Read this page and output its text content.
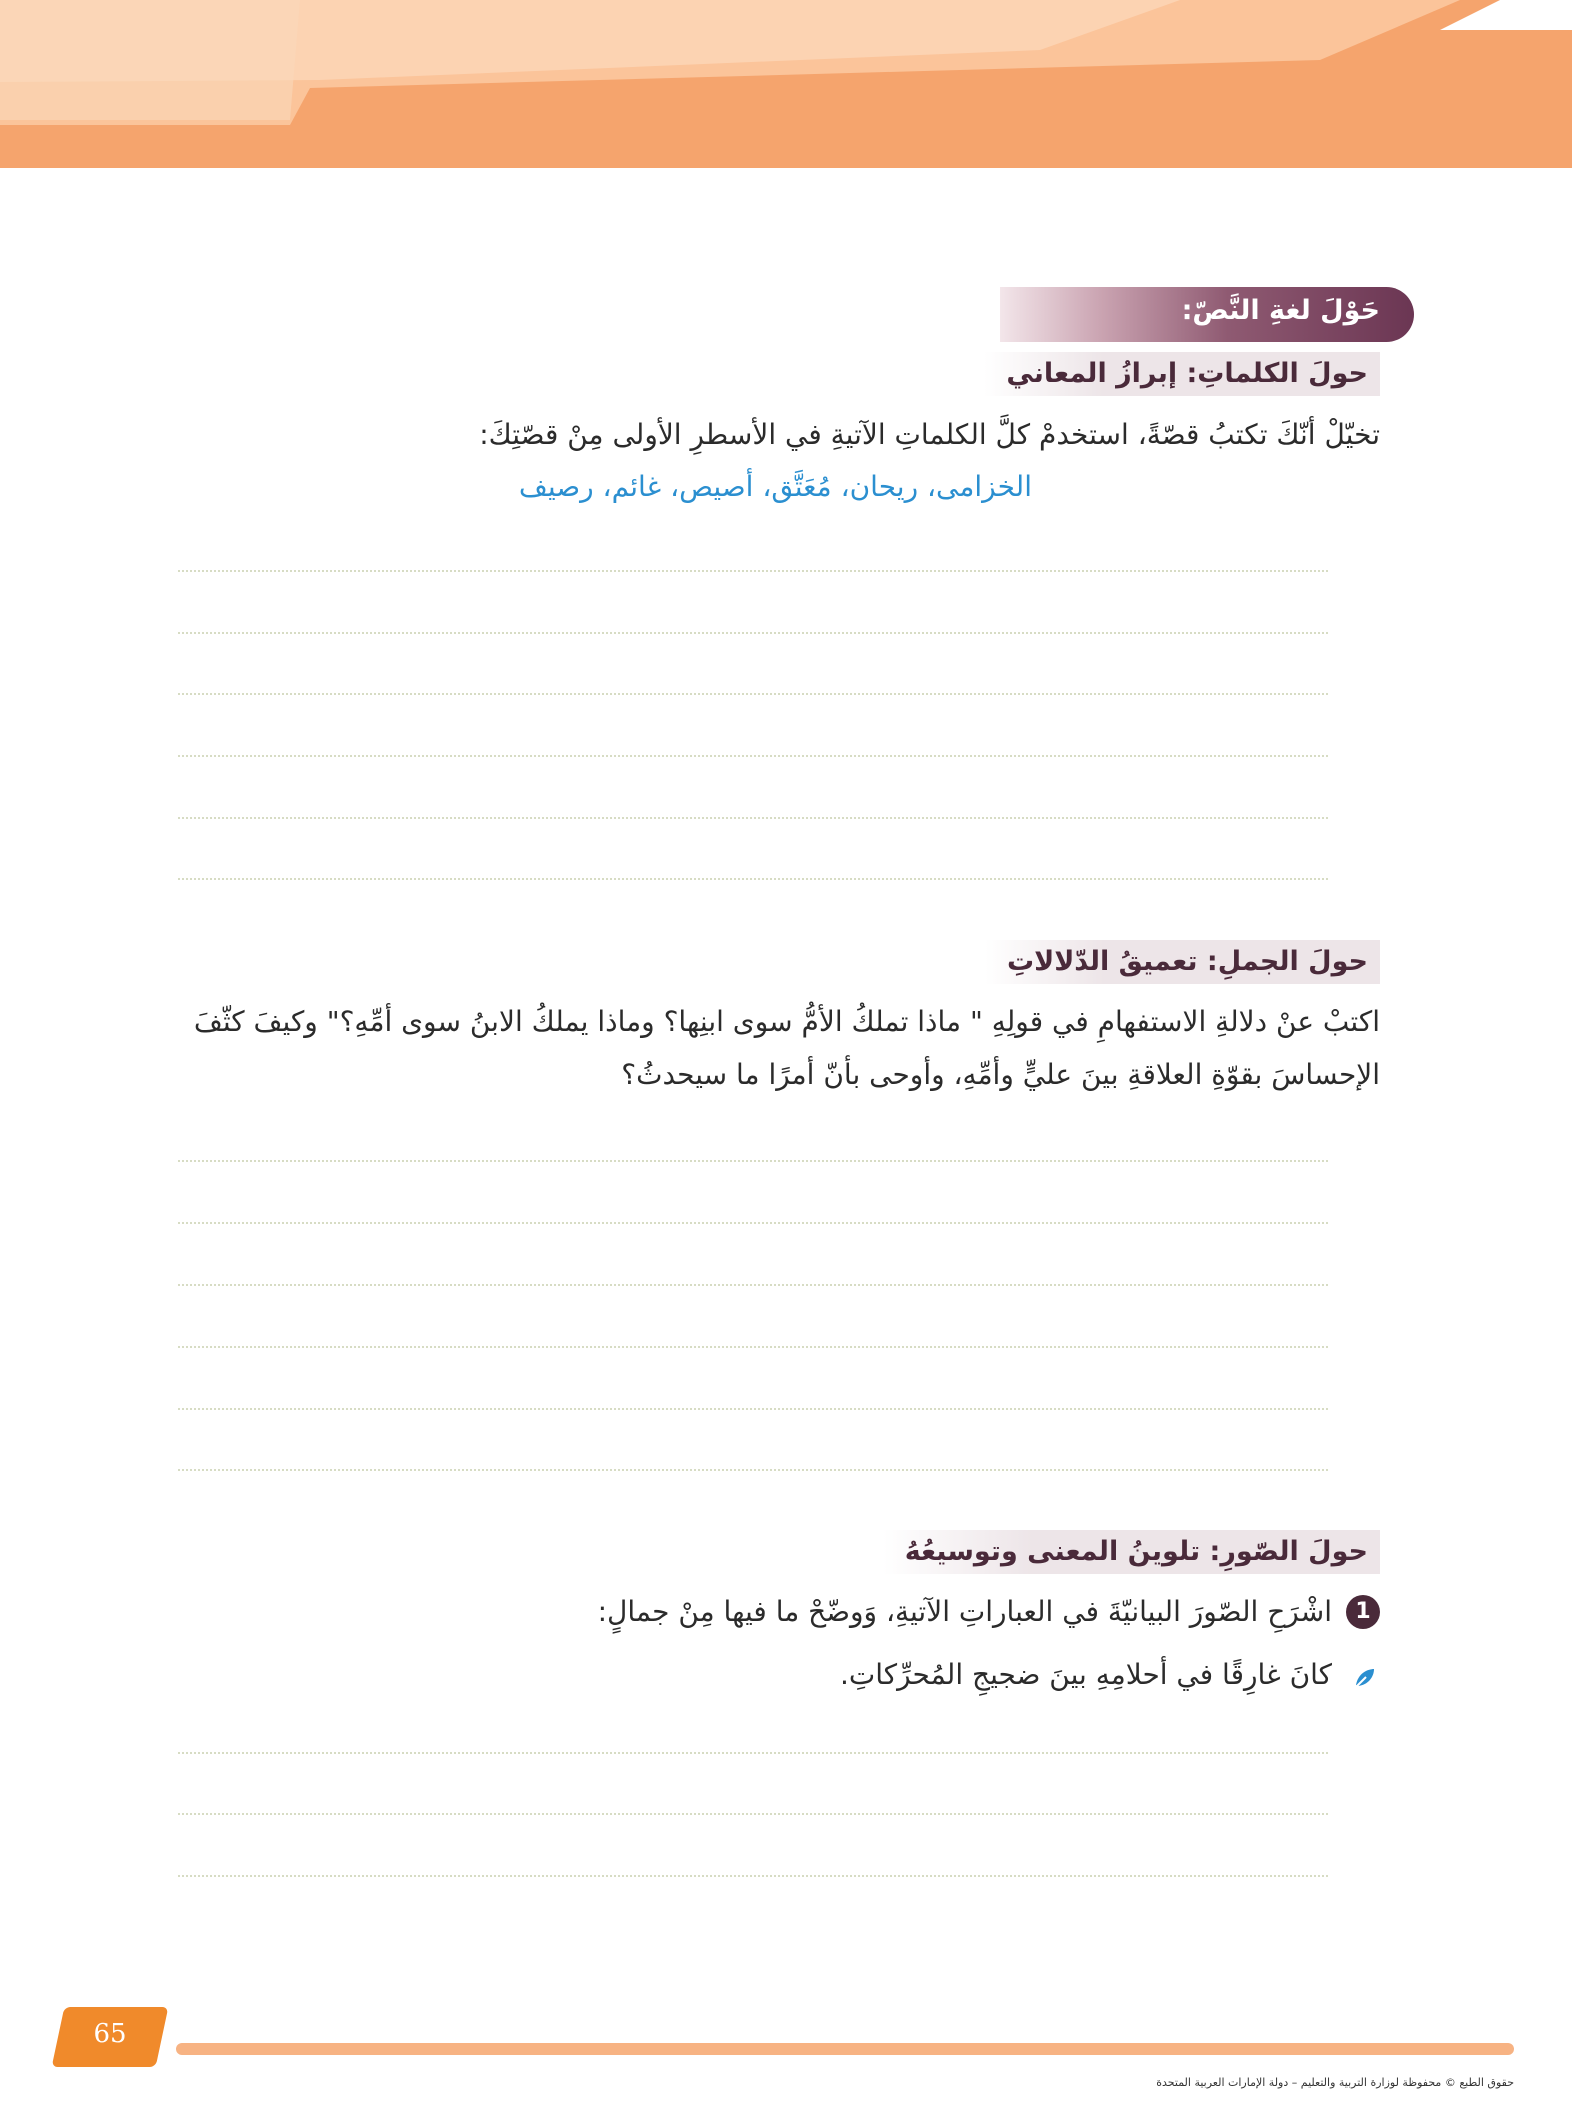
حَوْلَ لغةِ النَّصّ:
حولَ الكلماتِ: إبرازُ المعاني
تخيّلْ أنّكَ تكتبُ قصّةً، استخدمْ كلَّ الكلماتِ الآتيةِ في الأسطرِ الأولى مِنْ قصّتِكَ:
الخزامى، ريحان، مُعَتَّق، أصيص، غائم، رصيف
حولَ الجملِ: تعميقُ الدّلالاتِ
اكتبْ عنْ دلالةِ الاستفهامِ في قولِهِ " ماذا تملكُ الأمُّ سوى ابنِها؟ وماذا يملكُ الابنُ سوى أمِّهِ؟" وكيفَ كثّفَ
الإحساسَ بقوّةِ العلاقةِ بينَ عليٍّ وأمِّهِ، وأوحى بأنّ أمرًا ما سيحدثُ؟
حولَ الصّورِ: تلوينُ المعنى وتوسيعُهُ
1
اشْرَحِ الصّورَ البيانيّةَ في العباراتِ الآتيةِ، وَوضّحْ ما فيها مِنْ جمالٍ:
كانَ غارِقًا في أحلامِهِ بينَ ضجيجِ المُحرِّكاتِ.
65
حقوق الطبع © محفوظة لوزارة التربية والتعليم – دولة الإمارات العربية المتحدة
